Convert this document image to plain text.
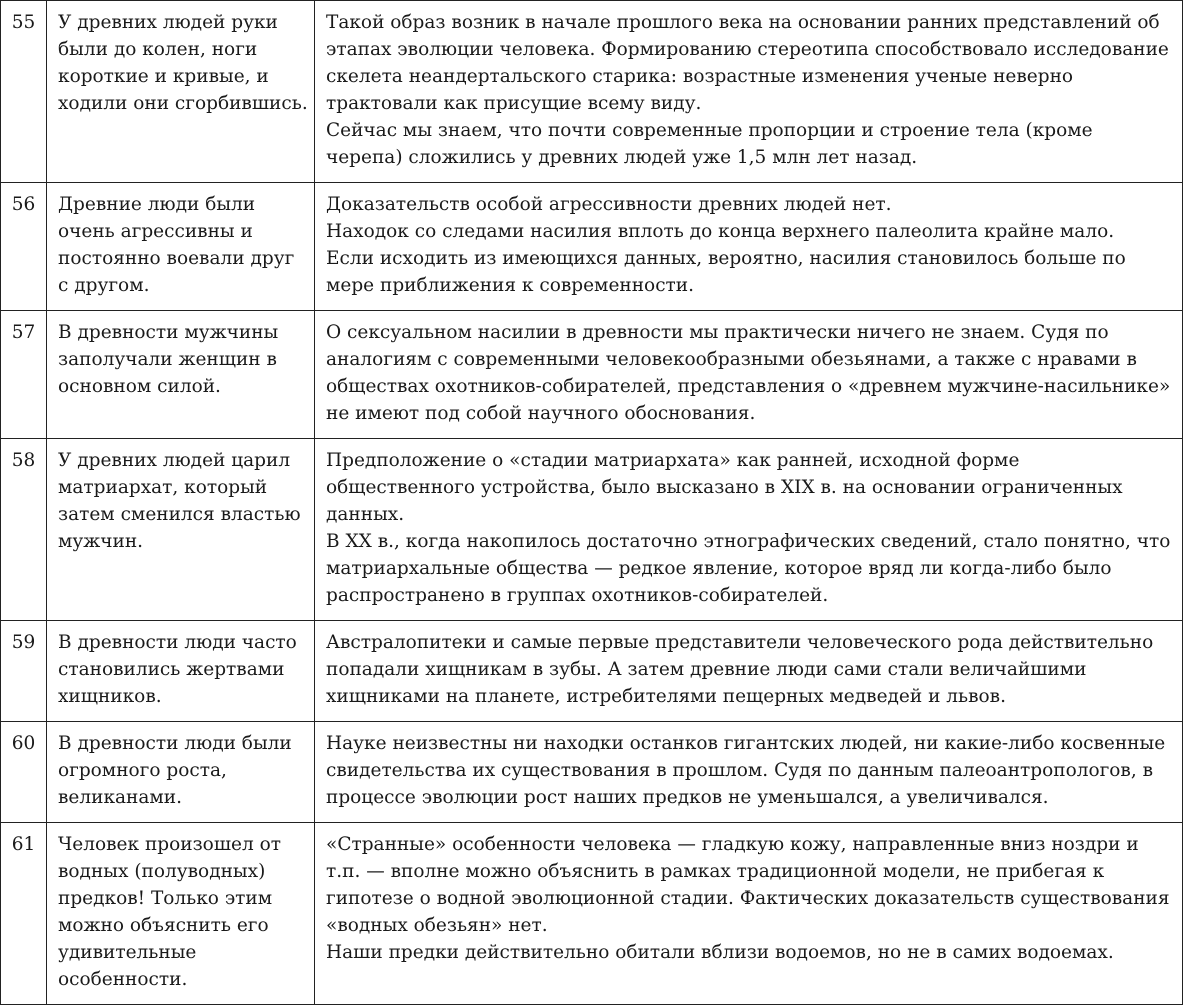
55	У древних людей руки были до колен, ноги короткие и кривые, и ходили они сгорбившись.	Такой образ возник в начале прошлого века на основании ранних представлений об этапах эволюции человека. Формированию стереотипа способствовало исследование скелета неандертальского старика: возрастные изменения ученые неверно трактовали как присущие всему виду.
Сейчас мы знаем, что почти современные пропорции и строение тела (кроме черепа) сложились у древних людей уже 1,5 млн лет назад.

56	Древние люди были очень агрессивны и постоянно воевали друг с другом.	Доказательств особой агрессивности древних людей нет.
Находок со следами насилия вплоть до конца верхнего палеолита крайне мало.
Если исходить из имеющихся данных, вероятно, насилия становилось больше по мере приближения к современности.

57	В древности мужчины заполучали женщин в основном силой.	О сексуальном насилии в древности мы практически ничего не знаем. Судя по аналогиям с современными человекообразными обезьянами, а также с нравами в обществах охотников-собирателей, представления о «древнем мужчине-насильнике» не имеют под собой научного обоснования.

58	У древних людей царил матриархат, который затем сменился властью мужчин.	Предположение о «стадии матриархата» как ранней, исходной форме общественного устройства, было высказано в XIX в. на основании ограниченных данных.
В XX в., когда накопилось достаточно этнографических сведений, стало понятно, что матриархальные общества — редкое явление, которое вряд ли когда-либо было распространено в группах охотников-собирателей.

59	В древности люди часто становились жертвами хищников.	Австралопитеки и самые первые представители человеческого рода действительно попадали хищникам в зубы. А затем древние люди сами стали величайшими хищниками на планете, истребителями пещерных медведей и львов.

60	В древности люди были огромного роста, великанами.	Науке неизвестны ни находки останков гигантских людей, ни какие-либо косвенные свидетельства их существования в прошлом. Судя по данным палеоантропологов, в процессе эволюции рост наших предков не уменьшался, а увеличивался.

61	Человек произошел от водных (полуводных) предков! Только этим можно объяснить его удивительные особенности.	«Странные» особенности человека — гладкую кожу, направленные вниз ноздри и т.п. — вполне можно объяснить в рамках традиционной модели, не прибегая к гипотезе о водной эволюционной стадии. Фактических доказательств существования «водных обезьян» нет.
Наши предки действительно обитали вблизи водоемов, но не в самих водоемах.
